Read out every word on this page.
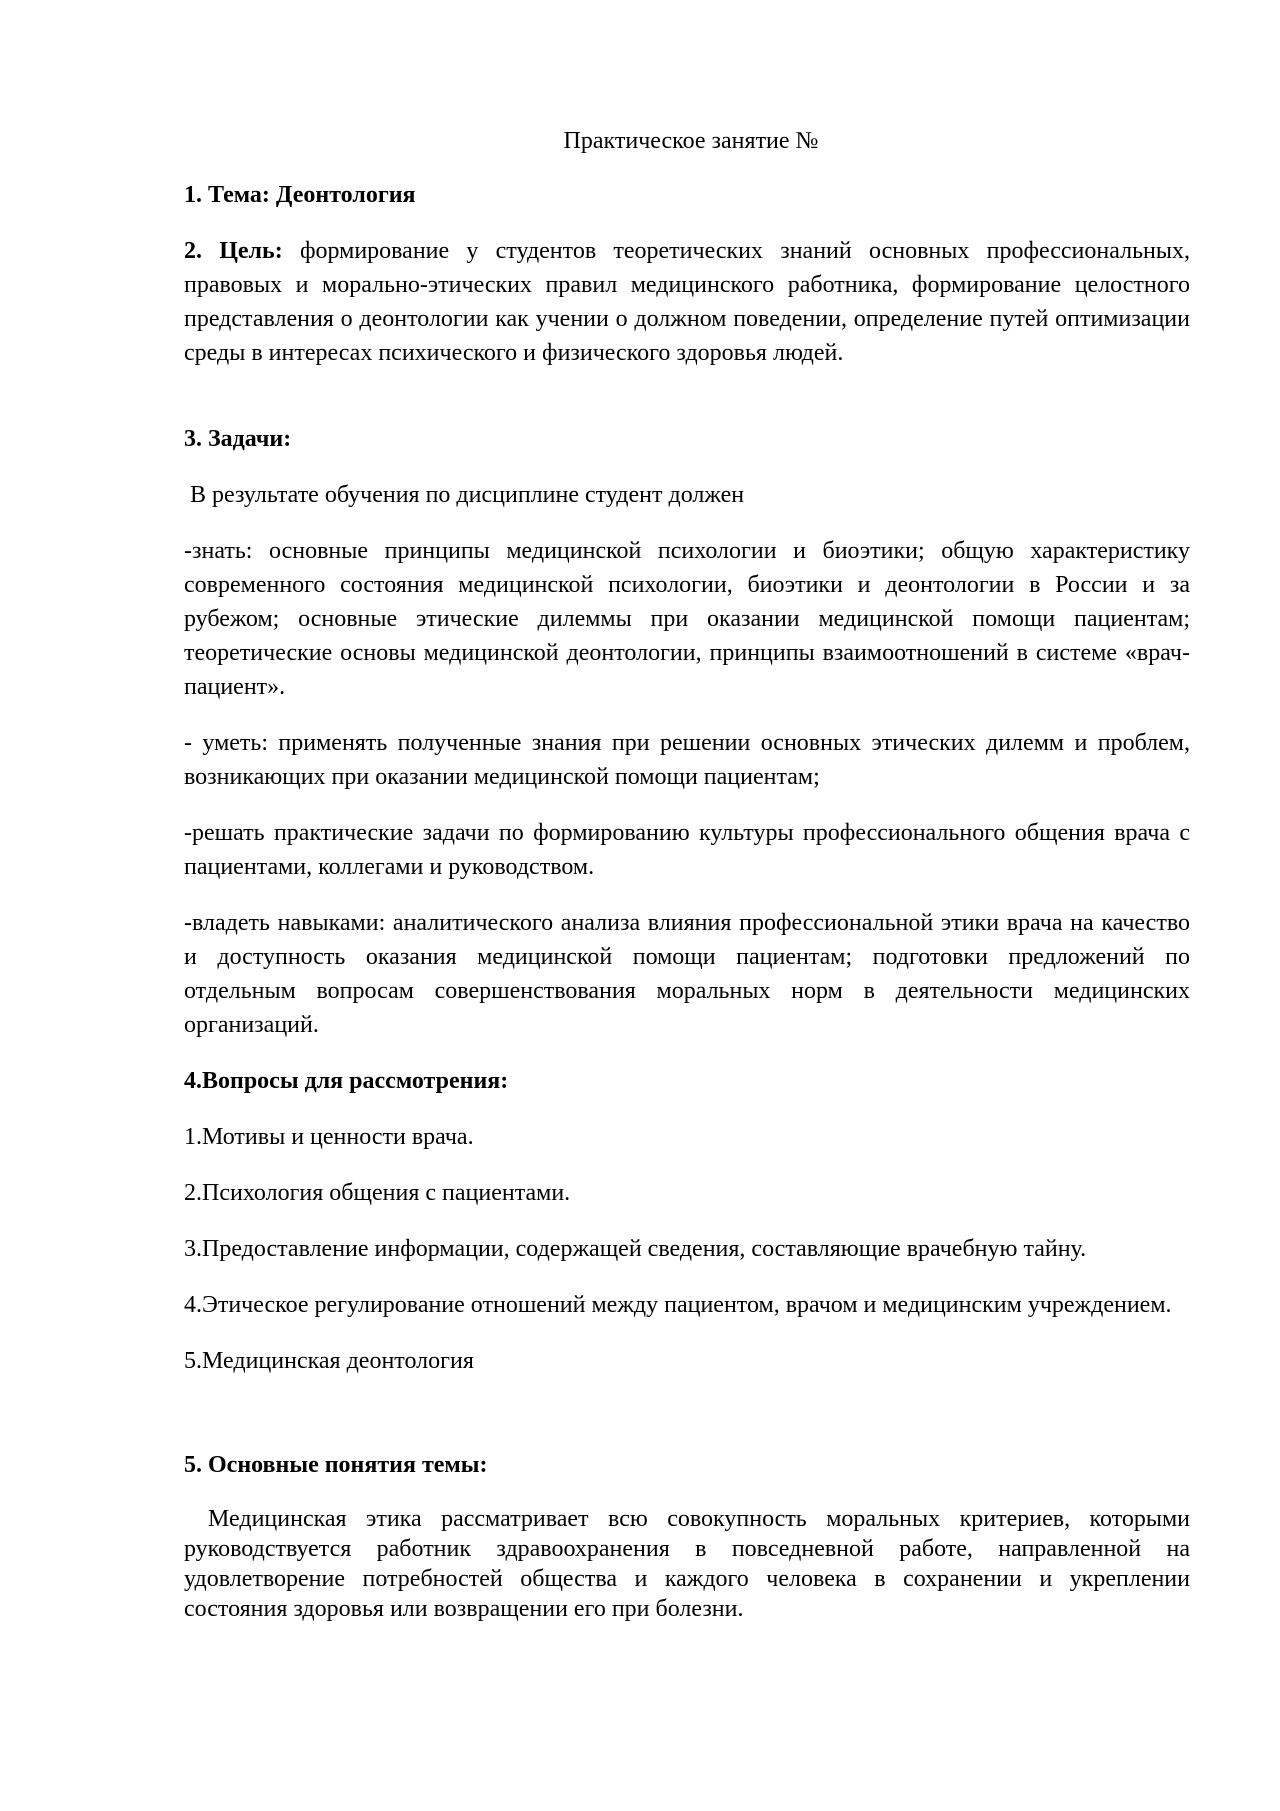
Практическое занятие №

1. Тема: Деонтология

2. Цель: формирование у студентов теоретических знаний основных профессиональных, правовых и морально-этических правил медицинского работника, формирование целостного представления о деонтологии как учении о должном поведении, определение путей оптимизации среды в интересах психического и физического здоровья людей.

3. Задачи:

В результате обучения по дисциплине студент должен

-знать: основные принципы медицинской психологии и биоэтики; общую характеристику современного состояния медицинской психологии, биоэтики и деонтологии в России и за рубежом; основные этические дилеммы при оказании медицинской помощи пациентам; теоретические основы медицинской деонтологии, принципы взаимоотношений в системе «врач-пациент».

- уметь: применять полученные знания при решении основных этических дилемм и проблем, возникающих при оказании медицинской помощи пациентам;

-решать практические задачи по формированию культуры профессионального общения врача с пациентами, коллегами и руководством.

-владеть навыками: аналитического анализа влияния профессиональной этики врача на качество и доступность оказания медицинской помощи пациентам; подготовки предложений по отдельным вопросам совершенствования моральных норм в деятельности медицинских организаций.

4.Вопросы для рассмотрения:

1.Мотивы и ценности врача.

2.Психология общения с пациентами.

3.Предоставление информации, содержащей сведения, составляющие врачебную тайну.

4.Этическое регулирование отношений между пациентом, врачом и медицинским учреждением.

5.Медицинская деонтология

5. Основные понятия темы:

Медицинская этика рассматривает всю совокупность моральных критериев, которыми руководствуется работник здравоохранения в повседневной работе, направленной на удовлетворение потребностей общества и каждого человека в сохранении и укреплении состояния здоровья или возвращении его при болезни.
